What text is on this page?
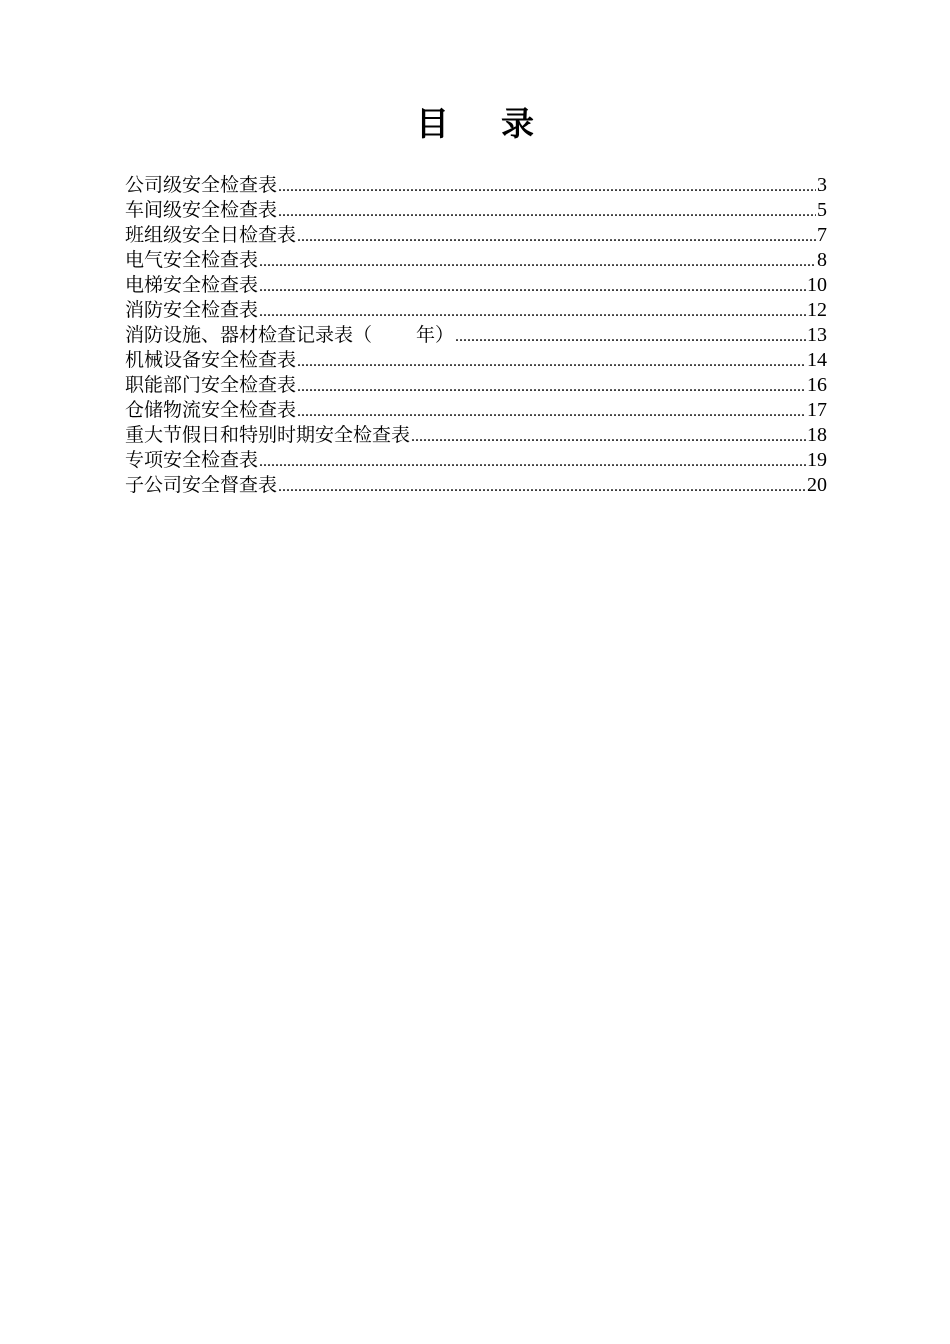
目 录
公司级安全检查表 .....	3
车间级安全检查表 .....	5
班组级安全日检查表 .....	7
电气安全检查表 .....	8
电梯安全检查表 .....	10
消防安全检查表 .....	12
消防设施、器材检查记录表（ 年） .....	13
机械设备安全检查表 .....	14
职能部门安全检查表 .....	16
仓储物流安全检查表 .....	17
重大节假日和特别时期安全检查表 .....	18
专项安全检查表 .....	19
子公司安全督查表 .....	20
